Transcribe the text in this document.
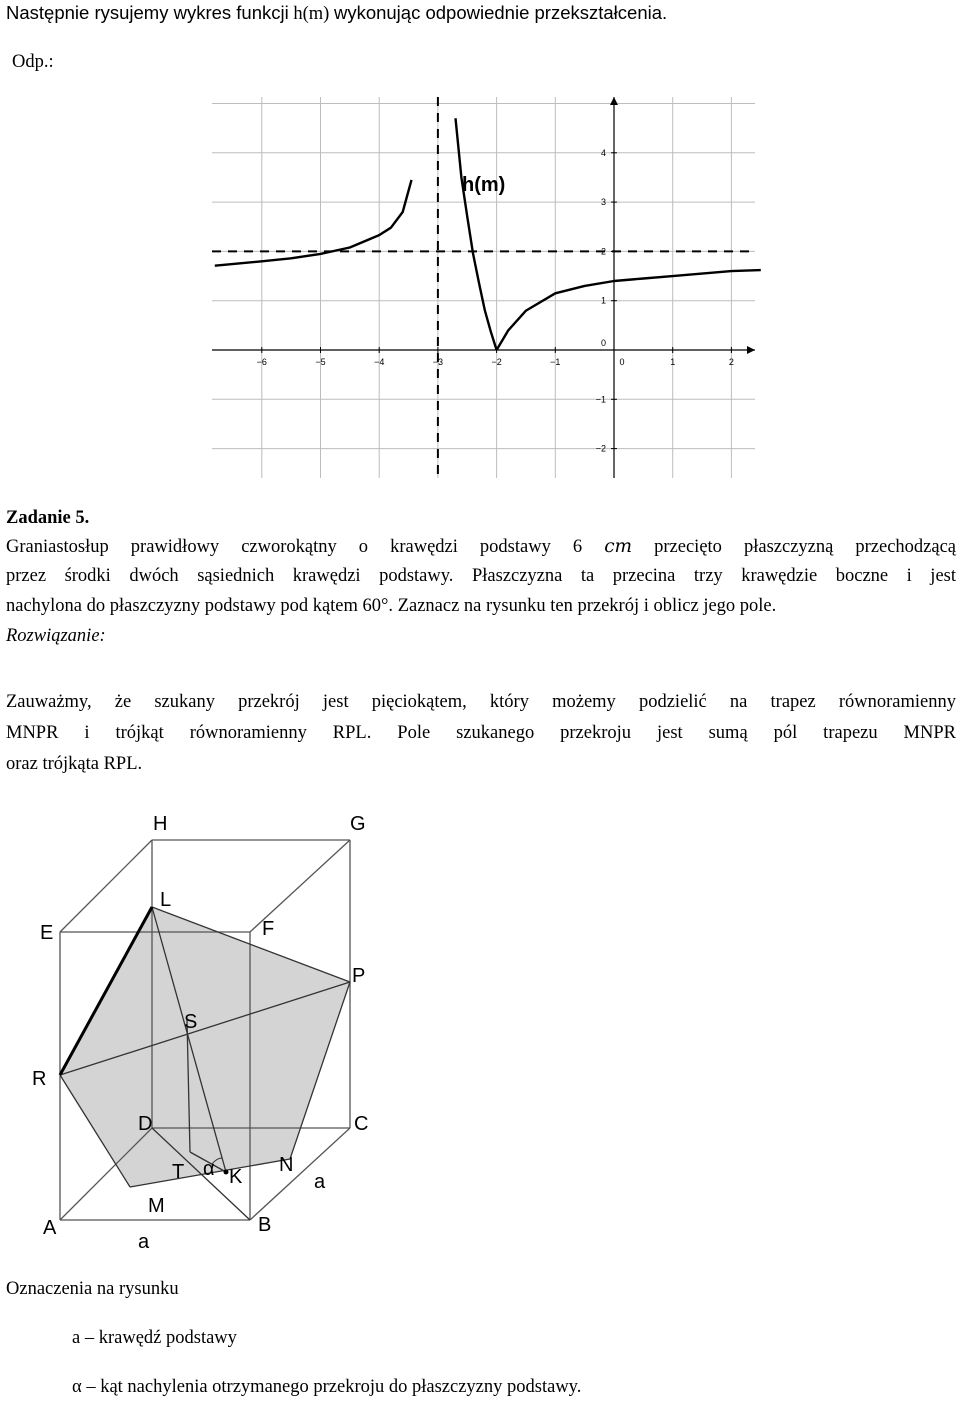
Następnie rysujemy wykres funkcji h(m) wykonując odpowiednie przekształcenia.
Odp.:
−6	−5	−4	−3	−2	−1	0	1	2
4
3
2
1
0
−1
−2
h(m)
Zadanie 5.
Graniastosłup prawidłowy czworokątny o krawędzi podstawy 6 cm przecięto płaszczyzną przechodzącą
przez środki dwóch sąsiednich krawędzi podstawy. Płaszczyzna ta przecina trzy krawędzie boczne i jest
nachylona do płaszczyzny podstawy pod kątem 60°. Zaznacz na rysunku ten przekrój i oblicz jego pole.
Rozwiązanie:
Zauważmy, że szukany przekrój jest pięciokątem, który możemy podzielić na trapez równoramienny
MNPR i trójkąt równoramienny RPL. Pole szukanego przekroju jest sumą pól trapezu MNPR
oraz trójkąta RPL.
H	G
L
E	F
P
S
R
D	C
T α K
N
a
M
A	B
a
Oznaczenia na rysunku
a – krawędź podstawy
α – kąt nachylenia otrzymanego przekroju do płaszczyzny podstawy.
